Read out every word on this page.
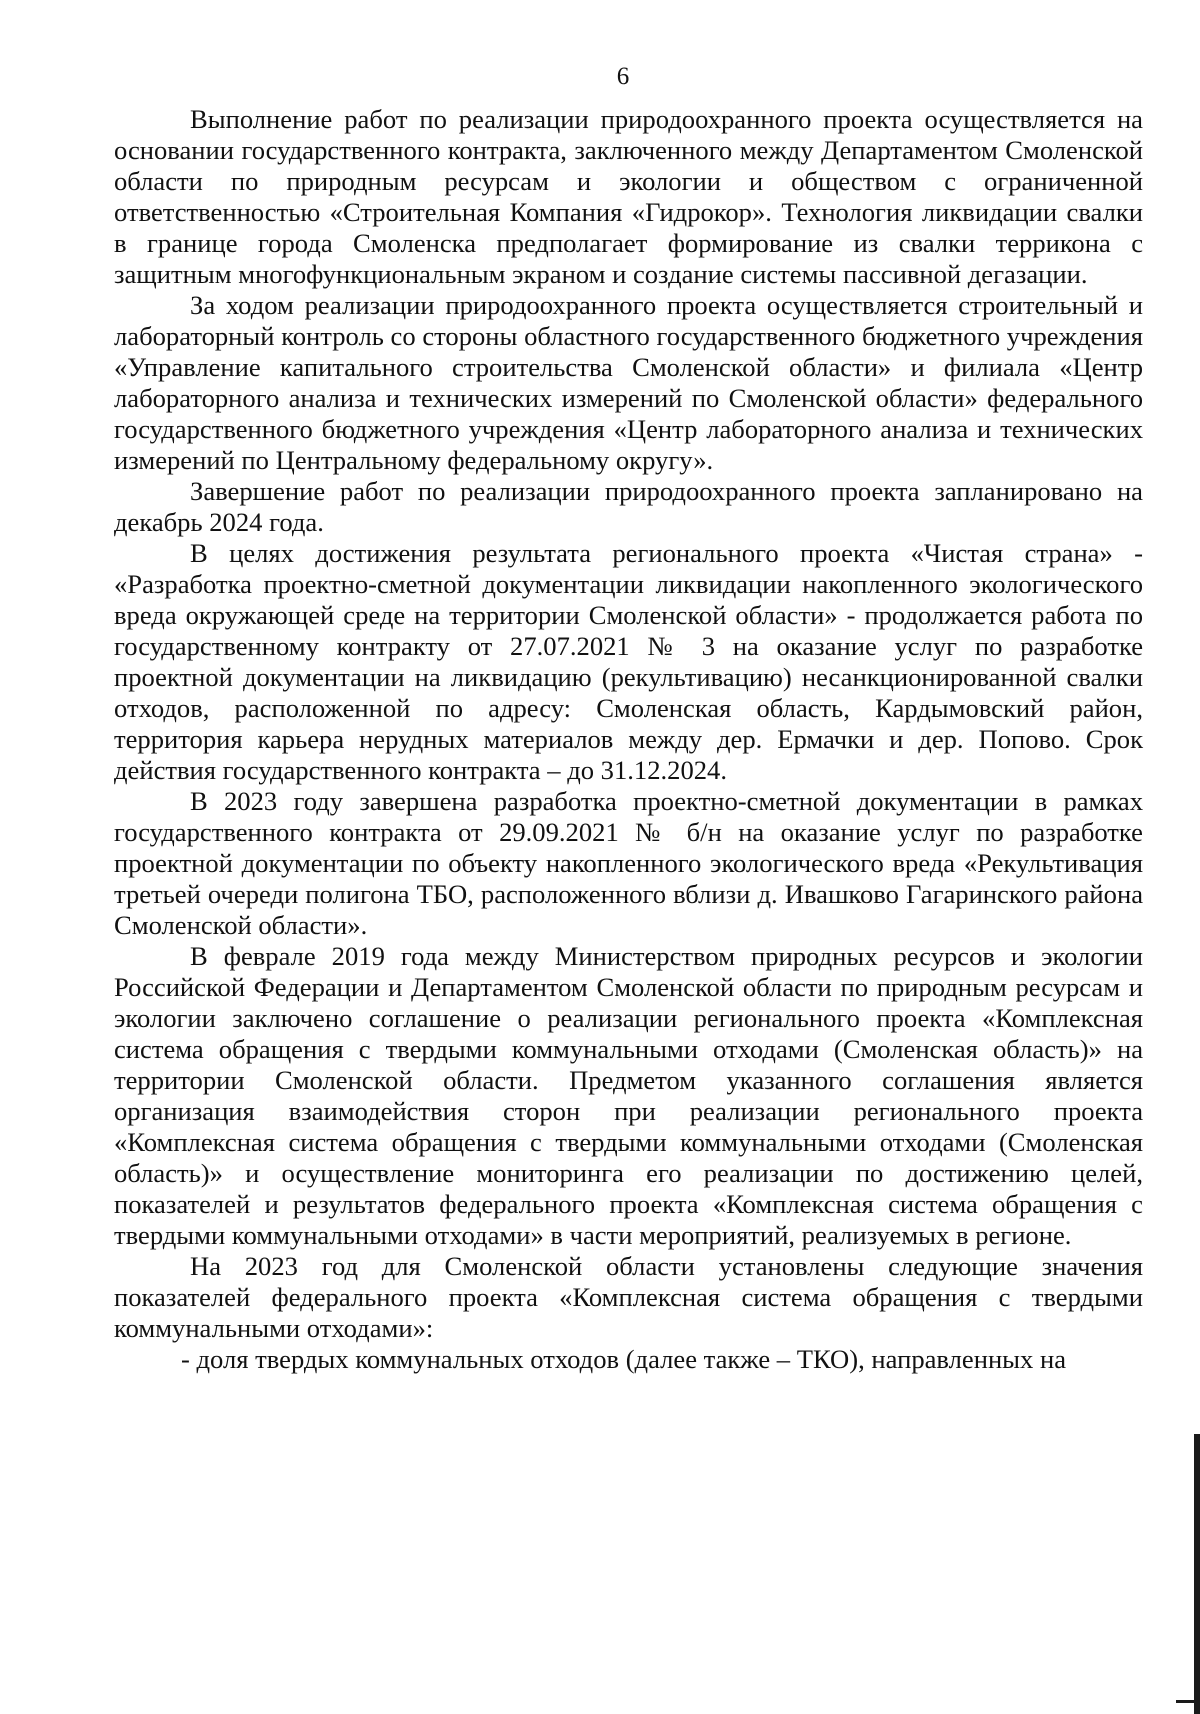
6

Выполнение работ по реализации природоохранного проекта осуществляется на основании государственного контракта, заключенного между Департаментом Смоленской области по природным ресурсам и экологии и обществом с ограниченной ответственностью «Строительная Компания «Гидрокор». Технология ликвидации свалки в границе города Смоленска предполагает формирование из свалки террикона с защитным многофункциональным экраном и создание системы пассивной дегазации.

За ходом реализации природоохранного проекта осуществляется строительный и лабораторный контроль со стороны областного государственного бюджетного учреждения «Управление капитального строительства Смоленской области» и филиала «Центр лабораторного анализа и технических измерений по Смоленской области» федерального государственного бюджетного учреждения «Центр лабораторного анализа и технических измерений по Центральному федеральному округу».

Завершение работ по реализации природоохранного проекта запланировано на декабрь 2024 года.

В целях достижения результата регионального проекта «Чистая страна» - «Разработка проектно-сметной документации ликвидации накопленного экологического вреда окружающей среде на территории Смоленской области» - продолжается работа по государственному контракту от 27.07.2021 № 3 на оказание услуг по разработке проектной документации на ликвидацию (рекультивацию) несанкционированной свалки отходов, расположенной по адресу: Смоленская область, Кардымовский район, территория карьера нерудных материалов между дер. Ермачки и дер. Попово. Срок действия государственного контракта – до 31.12.2024.

В 2023 году завершена разработка проектно-сметной документации в рамках государственного контракта от 29.09.2021 № б/н на оказание услуг по разработке проектной документации по объекту накопленного экологического вреда «Рекультивация третьей очереди полигона ТБО, расположенного вблизи д. Ивашково Гагаринского района Смоленской области».

В феврале 2019 года между Министерством природных ресурсов и экологии Российской Федерации и Департаментом Смоленской области по природным ресурсам и экологии заключено соглашение о реализации регионального проекта «Комплексная система обращения с твердыми коммунальными отходами (Смоленская область)» на территории Смоленской области. Предметом указанного соглашения является организация взаимодействия сторон при реализации регионального проекта «Комплексная система обращения с твердыми коммунальными отходами (Смоленская область)» и осуществление мониторинга его реализации по достижению целей, показателей и результатов федерального проекта «Комплексная система обращения с твердыми коммунальными отходами» в части мероприятий, реализуемых в регионе.

На 2023 год для Смоленской области установлены следующие значения показателей федерального проекта «Комплексная система обращения с твердыми коммунальными отходами»:

- доля твердых коммунальных отходов (далее также – ТКО), направленных на
